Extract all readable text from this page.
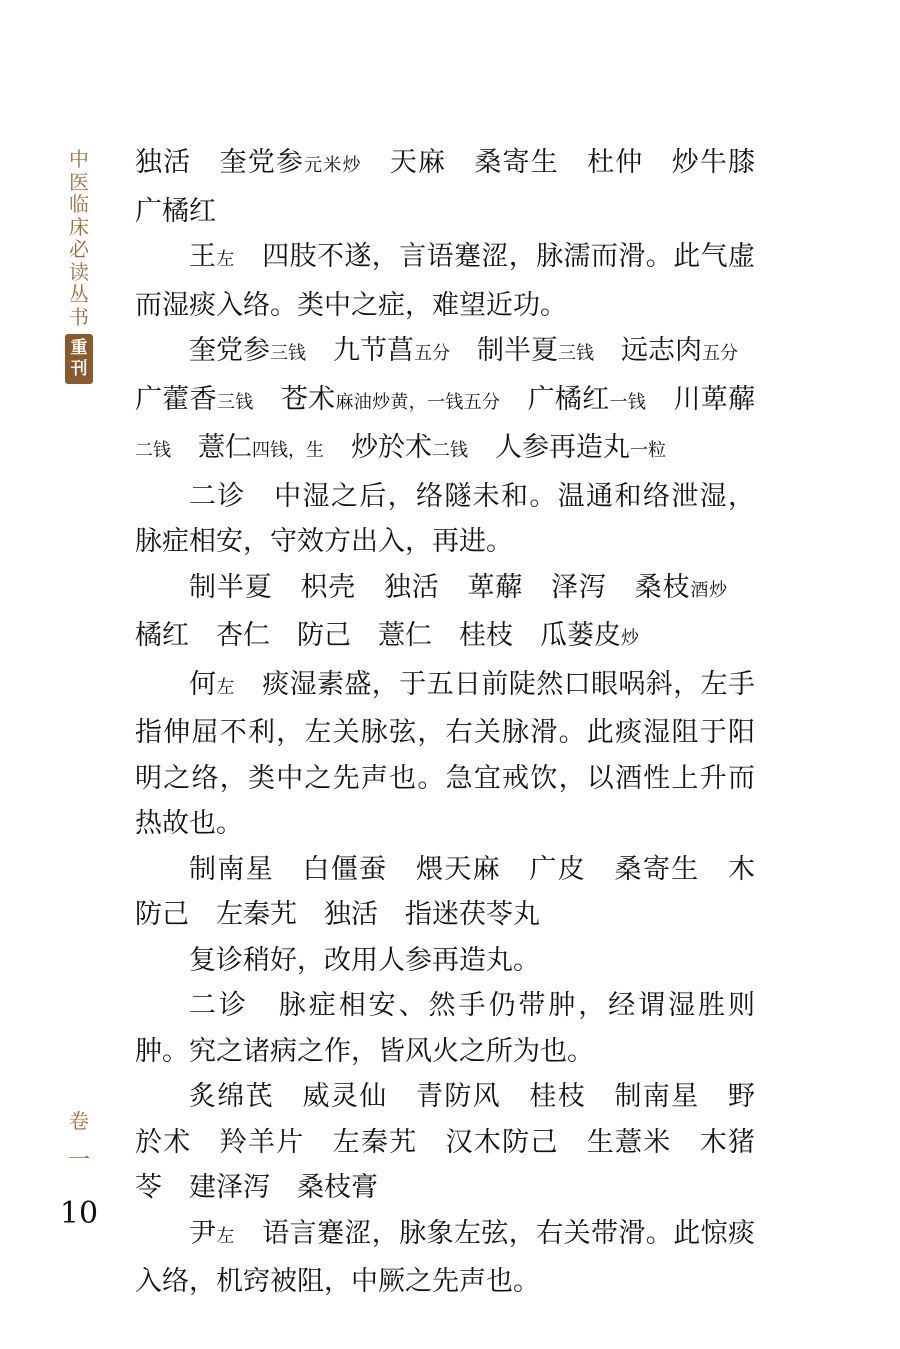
中
医
临
床
必
读
丛
书
重
刊
卷
一
10

独活　奎党参元米炒　天麻　桑寄生　杜仲　炒牛膝　广橘红

王左　四肢不遂，言语蹇涩，脉濡而滑。此气虚而湿痰入络。类中之症，难望近功。

奎党参三钱　九节菖五分　制半夏三钱　远志肉五分　广藿香三钱　苍术麻油炒黄，一钱五分　广橘红一钱　川萆薢二钱　薏仁四钱，生　炒於术二钱　人参再造丸一粒

二诊　中湿之后，络隧未和。温通和络泄湿，脉症相安，守效方出入，再进。

制半夏　枳壳　独活　萆薢　泽泻　桑枝酒炒　橘红　杏仁　防己　薏仁　桂枝　瓜蒌皮炒

何左　痰湿素盛，于五日前陡然口眼㖞斜，左手指伸屈不利，左关脉弦，右关脉滑。此痰湿阻于阳明之络，类中之先声也。急宜戒饮，以酒性上升而热故也。

制南星　白僵蚕　煨天麻　广皮　桑寄生　木防己　左秦艽　独活　指迷茯苓丸

复诊稍好，改用人参再造丸。

二诊　脉症相安、然手仍带肿，经谓湿胜则肿。究之诸病之作，皆风火之所为也。

炙绵芪　威灵仙　青防风　桂枝　制南星　野於术　羚羊片　左秦艽　汉木防己　生薏米　木猪苓　建泽泻　桑枝膏

尹左　语言蹇涩，脉象左弦，右关带滑。此惊痰入络，机窍被阻，中厥之先声也。
